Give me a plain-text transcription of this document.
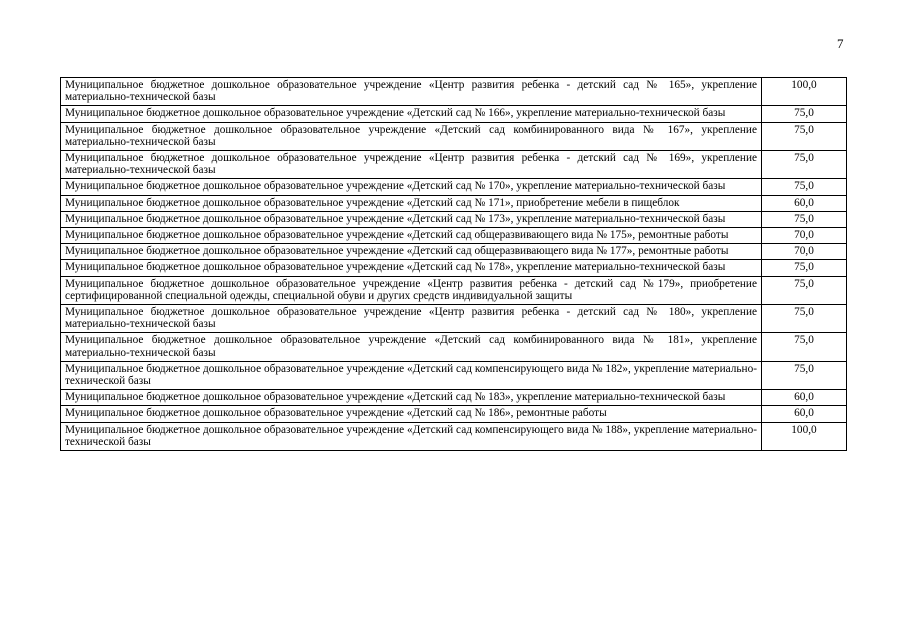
7
Муниципальное бюджетное дошкольное образовательное учреждение «Центр развития ребенка - детский сад № 165», укрепление материально-технической базы	100,0
Муниципальное бюджетное дошкольное образовательное учреждение «Детский сад № 166», укрепление материально-технической базы	75,0
Муниципальное бюджетное дошкольное образовательное учреждение «Детский сад комбинированного вида № 167», укрепление материально-технической базы	75,0
Муниципальное бюджетное дошкольное образовательное учреждение «Центр развития ребенка - детский сад № 169», укрепление материально-технической базы	75,0
Муниципальное бюджетное дошкольное образовательное учреждение «Детский сад № 170», укрепление материально-технической базы	75,0
Муниципальное бюджетное дошкольное образовательное учреждение «Детский сад № 171», приобретение мебели в пищеблок	60,0
Муниципальное бюджетное дошкольное образовательное учреждение «Детский сад № 173», укрепление материально-технической базы	75,0
Муниципальное бюджетное дошкольное образовательное учреждение «Детский сад общеразвивающего вида № 175», ремонтные работы	70,0
Муниципальное бюджетное дошкольное образовательное учреждение «Детский сад общеразвивающего вида № 177», ремонтные работы	70,0
Муниципальное бюджетное дошкольное образовательное учреждение «Детский сад № 178», укрепление материально-технической базы	75,0
Муниципальное бюджетное дошкольное образовательное учреждение «Центр развития ребенка - детский сад №179», приобретение сертифицированной специальной одежды, специальной обуви и других средств индивидуальной защиты	75,0
Муниципальное бюджетное дошкольное образовательное учреждение «Центр развития ребенка - детский сад № 180», укрепление материально-технической базы	75,0
Муниципальное бюджетное дошкольное образовательное учреждение «Детский сад комбинированного вида № 181», укрепление материально-технической базы	75,0
Муниципальное бюджетное дошкольное образовательное учреждение «Детский сад компенсирующего вида № 182», укрепление материально-технической базы	75,0
Муниципальное бюджетное дошкольное образовательное учреждение «Детский сад № 183», укрепление материально-технической базы	60,0
Муниципальное бюджетное дошкольное образовательное учреждение «Детский сад № 186», ремонтные работы	60,0
Муниципальное бюджетное дошкольное образовательное учреждение «Детский сад компенсирующего вида № 188», укрепление материально-технической базы	100,0
